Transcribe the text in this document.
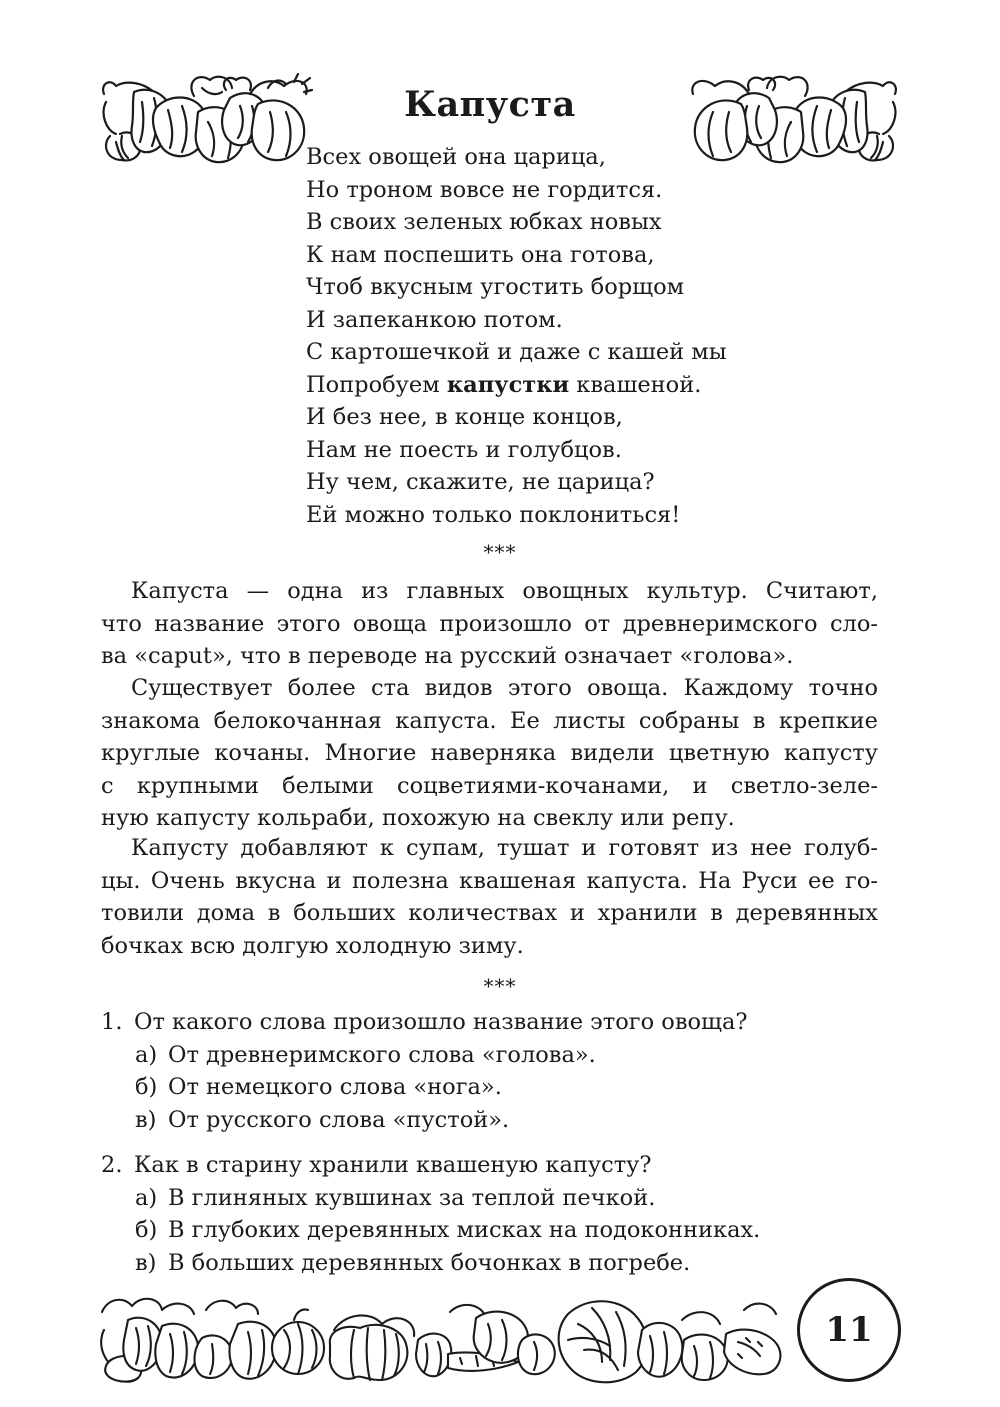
Капуста
Всех овощей она царица,
Но троном вовсе не гордится.
В своих зеленых юбках новых
К нам поспешить она готова,
Чтоб вкусным угостить борщом
И запеканкою потом.
С картошечкой и даже с кашей мы
Попробуем капустки квашеной.
И без нее, в конце концов,
Нам не поесть и голубцов.
Ну чем, скажите, не царица?
Ей можно только поклониться!
***
Капуста — одна из главных овощных культур. Считают,
что название этого овоща произошло от древнеримского сло-
ва «caput», что в переводе на русский означает «голова».
Существует более ста видов этого овоща. Каждому точно
знакома белокочанная капуста. Ее листы собраны в крепкие
круглые кочаны. Многие наверняка видели цветную капусту
с крупными белыми соцветиями-кочанами, и светло-зеле-
ную капусту кольраби, похожую на свеклу или репу.
Капусту добавляют к супам, тушат и готовят из нее голуб-
цы. Очень вкусна и полезна квашеная капуста. На Руси ее го-
товили дома в больших количествах и хранили в деревянных
бочках всю долгую холодную зиму.
***
1. От какого слова произошло название этого овоща?
а) От древнеримского слова «голова».
б) От немецкого слова «нога».
в) От русского слова «пустой».
2. Как в старину хранили квашеную капусту?
а) В глиняных кувшинах за теплой печкой.
б) В глубоких деревянных мисках на подоконниках.
в) В больших деревянных бочонках в погребе.
11
